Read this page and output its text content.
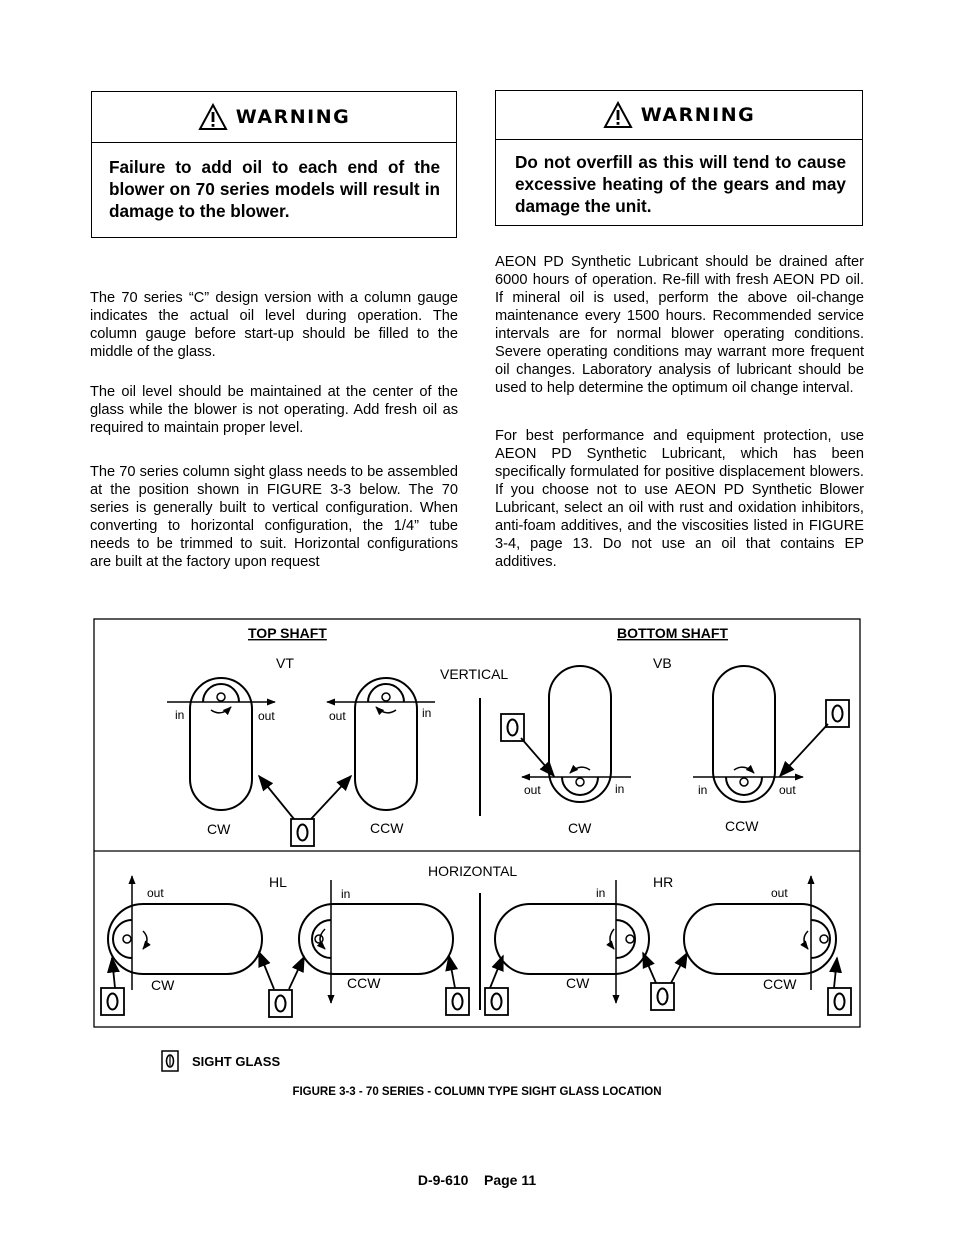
WARNING
Failure to add oil to each end of the blower on 70 series models will result in damage to the blower.
WARNING
Do not overfill as this will tend to cause excessive heating of the gears and may damage the unit.

The 70 series “C” design version with a column gauge indicates the actual oil level during operation. The column gauge before start‑up should be filled to the middle of the glass.

The oil level should be maintained at the center of the glass while the blower is not operating. Add fresh oil as required to maintain proper level.

The 70 series column sight glass needs to be assembled at the position shown in FIGURE 3‑3 below. The 70 series is generally built to vertical configuration. When converting to horizontal configuration, the 1/4” tube needs to be trimmed to suit. Horizontal configurations are built at the factory upon request

AEON PD Synthetic Lubricant should be drained after 6000 hours of operation. Re‑fill with fresh AEON PD oil. If mineral oil is used, perform the above oil‑change maintenance every 1500 hours. Recommended service intervals are for normal blower operating conditions. Severe operating conditions may warrant more frequent oil changes. Laboratory analysis of lubricant should be used to help determine the optimum oil change interval.

For best performance and equipment protection, use AEON PD Synthetic Lubricant, which has been specifically formulated for positive displacement blowers. If you choose not to use AEON PD Synthetic Blower Lubricant, select an oil with rust and oxidation inhibitors, anti‑foam additives, and the viscosities listed in FIGURE 3‑4, page 13. Do not use an oil that contains EP additives.

TOP SHAFT	BOTTOM SHAFT
VERTICAL
HORIZONTAL
VT	VB
HL	HR
in	out
CW
out	in
CCW
out	in
CW
in	out
CCW
out
CW
in
CCW
in
CW
out
CCW
SIGHT GLASS
FIGURE 3‑3 - 70 SERIES - COLUMN TYPE SIGHT GLASS LOCATION
D‑9‑610    Page 11
